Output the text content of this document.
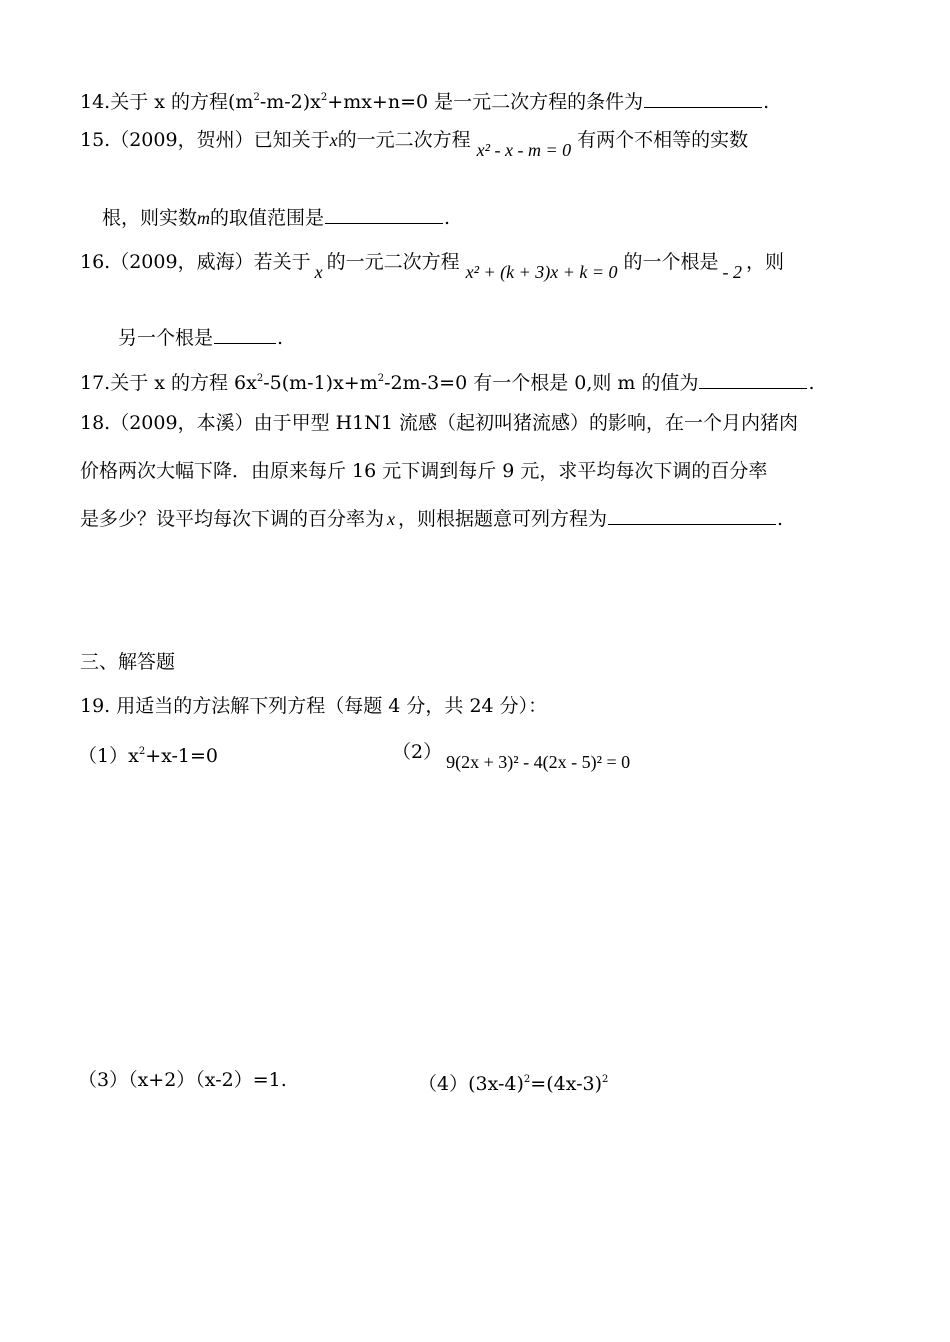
14.关于 x 的方程$(m^2-m-2)x^2+mx+n=0$ 是一元二次方程的条件为	.
15.（2009，贺州）已知关于x的一元二次方程 x² - x - m = 0 有两个不相等的实数
根，则实数m的取值范围是	.
16.（2009，威海）若关于 x 的一元二次方程 x² + (k + 3)x + k = 0 的一个根是 - 2 ，则
另一个根是	.
17.关于 x 的方程 $6x^2-5(m-1)x+m^2-2m-3=0$ 有一个根是 0,则 m 的值为	.
18.（2009，本溪）由于甲型 H1N1 流感（起初叫猪流感）的影响，在一个月内猪肉
价格两次大幅下降．由原来每斤 16 元下调到每斤 9 元，求平均每次下调的百分率
是多少？设平均每次下调的百分率为 x ，则根据题意可列方程为	.
三、解答题
19. 用适当的方法解下列方程（每题 4 分，共 24 分）：
$(1)x^2+x-1=0$	（2） 9(2x + 3)² - 4(2x - 5)² = 0
（3）（x+2）（x-2）=1.	$(4)(3x-4)^2=(4x-3)^2$
